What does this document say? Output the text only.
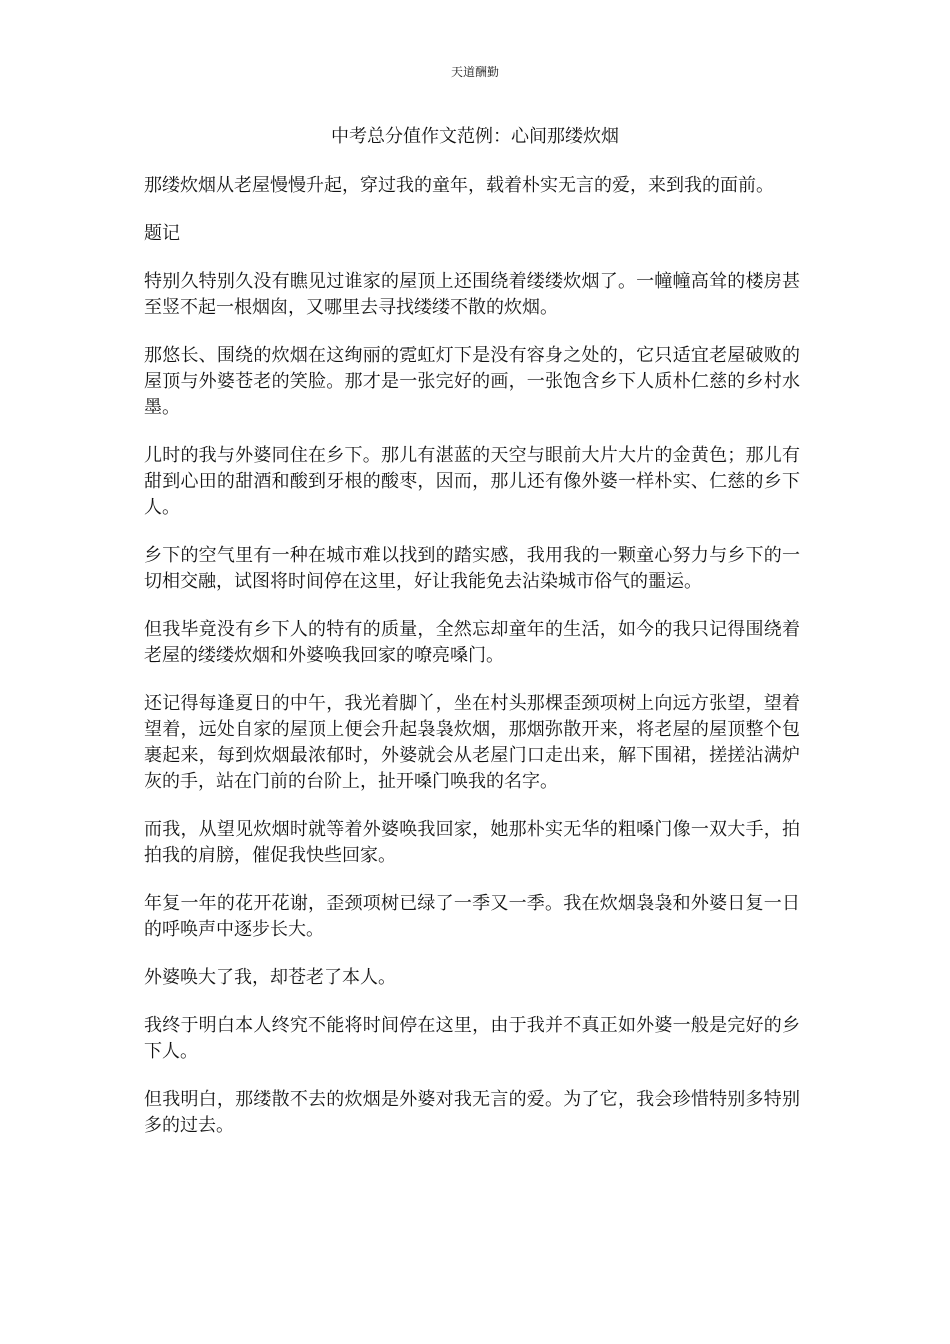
天道酬勤
中考总分值作文范例：心间那缕炊烟

那缕炊烟从老屋慢慢升起，穿过我的童年，载着朴实无言的爱，来到我的面前。

题记

特别久特别久没有瞧见过谁家的屋顶上还围绕着缕缕炊烟了。一幢幢高耸的楼房甚至竖不起一根烟囱，又哪里去寻找缕缕不散的炊烟。

那悠长、围绕的炊烟在这绚丽的霓虹灯下是没有容身之处的，它只适宜老屋破败的屋顶与外婆苍老的笑脸。那才是一张完好的画，一张饱含乡下人质朴仁慈的乡村水墨。

儿时的我与外婆同住在乡下。那儿有湛蓝的天空与眼前大片大片的金黄色；那儿有甜到心田的甜酒和酸到牙根的酸枣，因而，那儿还有像外婆一样朴实、仁慈的乡下人。

乡下的空气里有一种在城市难以找到的踏实感，我用我的一颗童心努力与乡下的一切相交融，试图将时间停在这里，好让我能免去沾染城市俗气的噩运。

但我毕竟没有乡下人的特有的质量，全然忘却童年的生活，如今的我只记得围绕着老屋的缕缕炊烟和外婆唤我回家的嘹亮嗓门。

还记得每逢夏日的中午，我光着脚丫，坐在村头那棵歪颈项树上向远方张望，望着望着，远处自家的屋顶上便会升起袅袅炊烟，那烟弥散开来，将老屋的屋顶整个包裹起来，每到炊烟最浓郁时，外婆就会从老屋门口走出来，解下围裙，搓搓沾满炉灰的手，站在门前的台阶上，扯开嗓门唤我的名字。

而我，从望见炊烟时就等着外婆唤我回家，她那朴实无华的粗嗓门像一双大手，拍拍我的肩膀，催促我快些回家。

年复一年的花开花谢，歪颈项树已绿了一季又一季。我在炊烟袅袅和外婆日复一日的呼唤声中逐步长大。

外婆唤大了我，却苍老了本人。

我终于明白本人终究不能将时间停在这里，由于我并不真正如外婆一般是完好的乡下人。

但我明白，那缕散不去的炊烟是外婆对我无言的爱。为了它，我会珍惜特别多特别多的过去。
